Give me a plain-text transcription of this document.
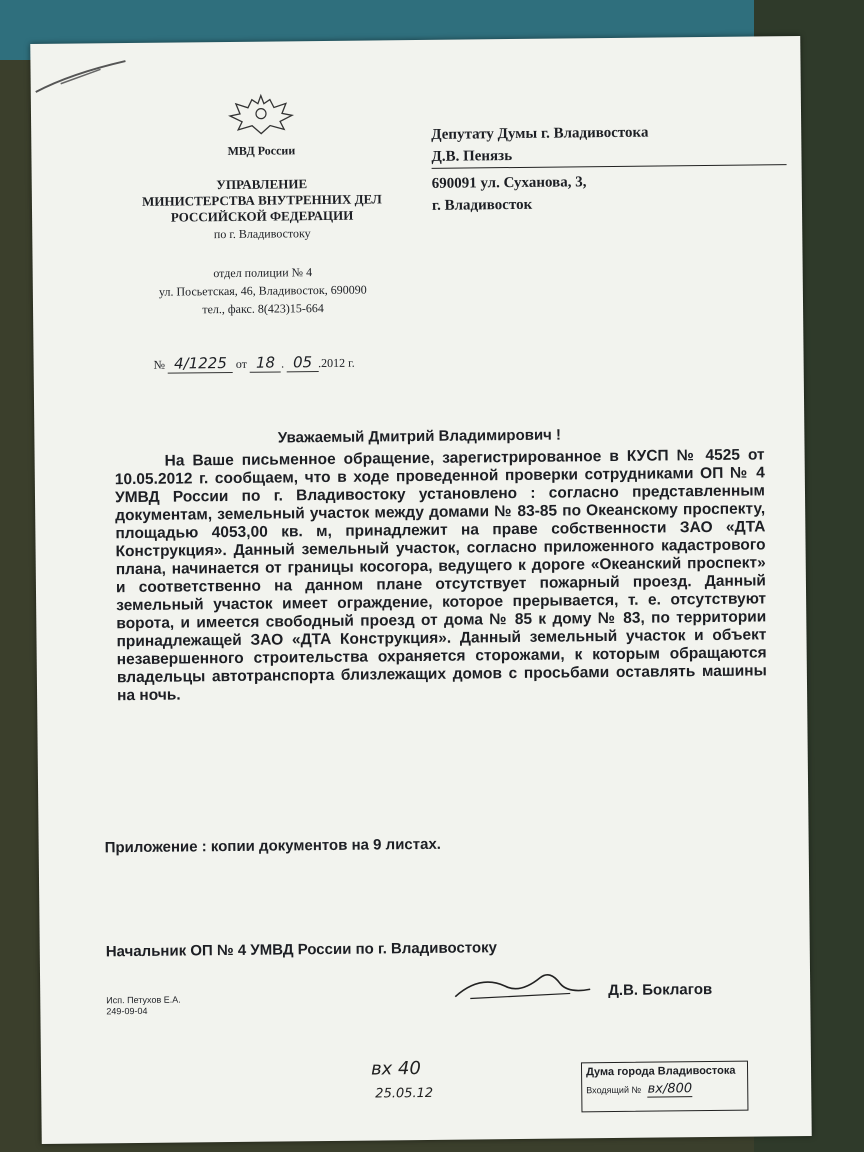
МВД России
УПРАВЛЕНИЕ
МИНИСТЕРСТВА ВНУТРЕННИХ ДЕЛ
РОССИЙСКОЙ ФЕДЕРАЦИИ
по г. Владивостоку
отдел полиции № 4
ул. Посьетская, 46, Владивосток, 690090
тел., факс. 8(423)15-664
№ 4/1225 от 18 . 05 .2012 г.
Депутату Думы г. Владивостока
Д.В. Пенязь
690091 ул. Суханова, 3,
г. Владивосток
Уважаемый Дмитрий Владимирович !

На Ваше письменное обращение, зарегистрированное в КУСП № 4525 от 10.05.2012 г. сообщаем, что в ходе проведенной проверки сотрудниками ОП № 4 УМВД России по г. Владивостоку установлено : согласно представленным документам, земельный участок между домами № 83-85 по Океанскому проспекту, площадью 4053,00 кв. м, принадлежит на праве собственности ЗАО «ДТА Конструкция». Данный земельный участок, согласно приложенного кадастрового плана, начинается от границы косогора, ведущего к дороге «Океанский проспект» и соответственно на данном плане отсутствует пожарный проезд. Данный земельный участок имеет ограждение, которое прерывается, т. е. отсутствуют ворота, и имеется свободный проезд от дома № 85 к дому № 83, по территории принадлежащей ЗАО «ДТА Конструкция». Данный земельный участок и объект незавершенного строительства охраняется сторожами, к которым обращаются владельцы автотранспорта близлежащих домов с просьбами оставлять машины на ночь.

Приложение : копии документов на 9 листах.
Начальник ОП № 4 УМВД России по г. Владивостоку
Д.В. Боклагов
Исп. Петухов Е.А.
249-09-04
вх 40
25.05.12
Дума города Владивостока
Входящий № вх/800
